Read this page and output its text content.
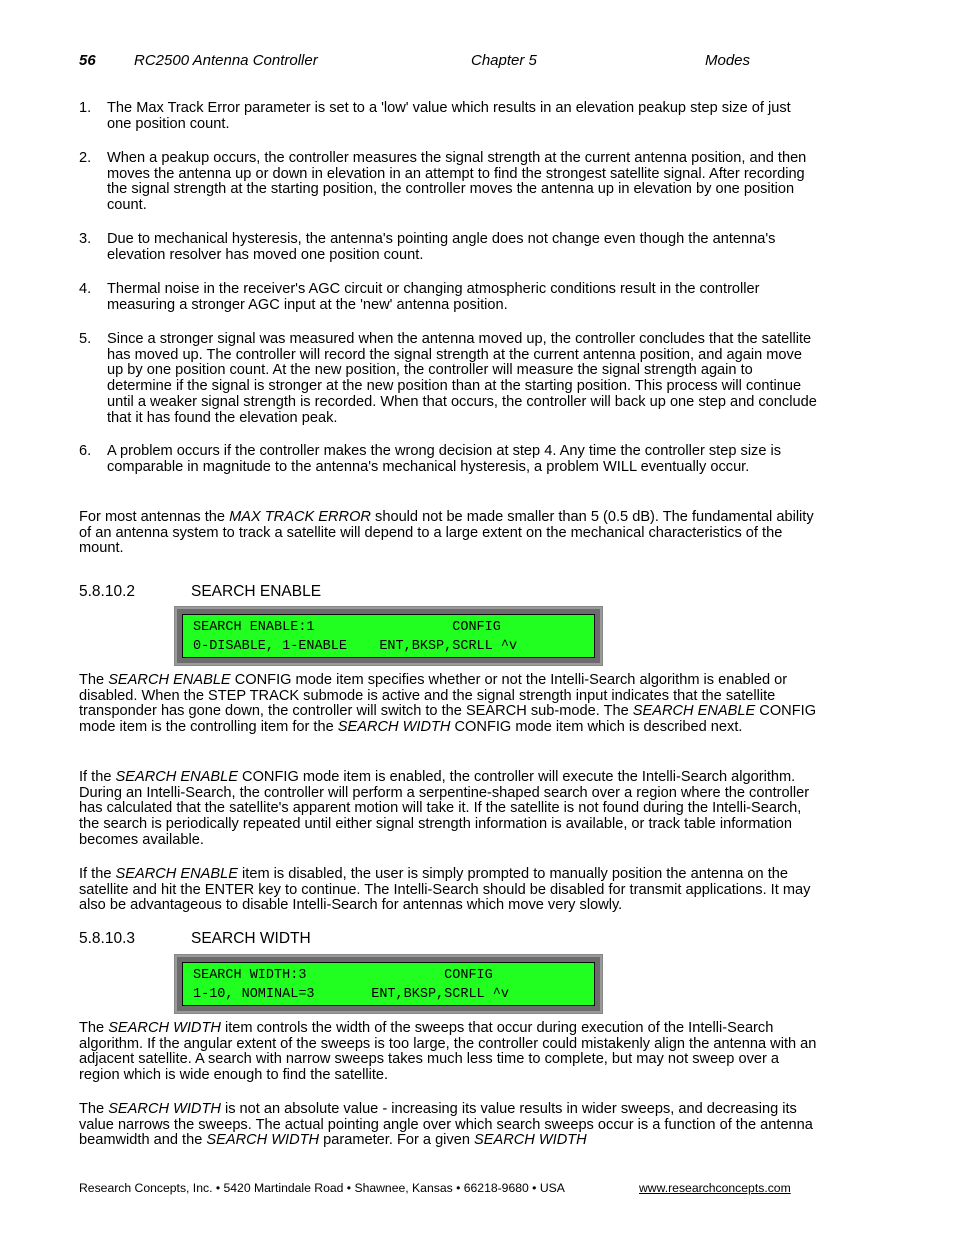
56	RC2500 Antenna Controller	Chapter 5	Modes
1.	The Max Track Error parameter is set to a 'low' value which results in an elevation peakup step size of just one position count.
2.	When a peakup occurs, the controller measures the signal strength at the current antenna position, and then moves the antenna up or down in elevation in an attempt to find the strongest satellite signal. After recording the signal strength at the starting position, the controller moves the antenna up in elevation by one position count.
3.	Due to mechanical hysteresis, the antenna's pointing angle does not change even though the antenna's elevation resolver has moved one position count.
4.	Thermal noise in the receiver's AGC circuit or changing atmospheric conditions result in the controller measuring a stronger AGC input at the 'new' antenna position.
5.	Since a stronger signal was measured when the antenna moved up, the controller concludes that the satellite has moved up. The controller will record the signal strength at the current antenna position, and again move up by one position count. At the new position, the controller will measure the signal strength again to determine if the signal is stronger at the new position than at the starting position. This process will continue until a weaker signal strength is recorded. When that occurs, the controller will back up one step and conclude that it has found the elevation peak.
6.	A problem occurs if the controller makes the wrong decision at step 4. Any time the controller step size is comparable in magnitude to the antenna's mechanical hysteresis, a problem WILL eventually occur.
For most antennas the MAX TRACK ERROR should not be made smaller than 5 (0.5 dB). The fundamental ability of an antenna system to track a satellite will depend to a large extent on the mechanical characteristics of the mount.
5.8.10.2	SEARCH ENABLE
SEARCH ENABLE:1                 CONFIG
0-DISABLE, 1-ENABLE    ENT,BKSP,SCRLL ^v
The SEARCH ENABLE CONFIG mode item specifies whether or not the Intelli-Search algorithm is enabled or disabled. When the STEP TRACK submode is active and the signal strength input indicates that the satellite transponder has gone down, the controller will switch to the SEARCH sub-mode. The SEARCH ENABLE CONFIG mode item is the controlling item for the SEARCH WIDTH CONFIG mode item which is described next.
If the SEARCH ENABLE CONFIG mode item is enabled, the controller will execute the Intelli-Search algorithm. During an Intelli-Search, the controller will perform a serpentine-shaped search over a region where the controller has calculated that the satellite's apparent motion will take it. If the satellite is not found during the Intelli-Search, the search is periodically repeated until either signal strength information is available, or track table information becomes available.
If the SEARCH ENABLE item is disabled, the user is simply prompted to manually position the antenna on the satellite and hit the ENTER key to continue. The Intelli-Search should be disabled for transmit applications. It may also be advantageous to disable Intelli-Search for antennas which move very slowly.
5.8.10.3	SEARCH WIDTH
SEARCH WIDTH:3                 CONFIG
1-10, NOMINAL=3       ENT,BKSP,SCRLL ^v
The SEARCH WIDTH item controls the width of the sweeps that occur during execution of the Intelli-Search algorithm. If the angular extent of the sweeps is too large, the controller could mistakenly align the antenna with an adjacent satellite. A search with narrow sweeps takes much less time to complete, but may not sweep over a region which is wide enough to find the satellite.
The SEARCH WIDTH is not an absolute value - increasing its value results in wider sweeps, and decreasing its value narrows the sweeps. The actual pointing angle over which search sweeps occur is a function of the antenna beamwidth and the SEARCH WIDTH parameter. For a given SEARCH WIDTH
Research Concepts, Inc. • 5420 Martindale Road • Shawnee, Kansas • 66218-9680 • USA	www.researchconcepts.com
